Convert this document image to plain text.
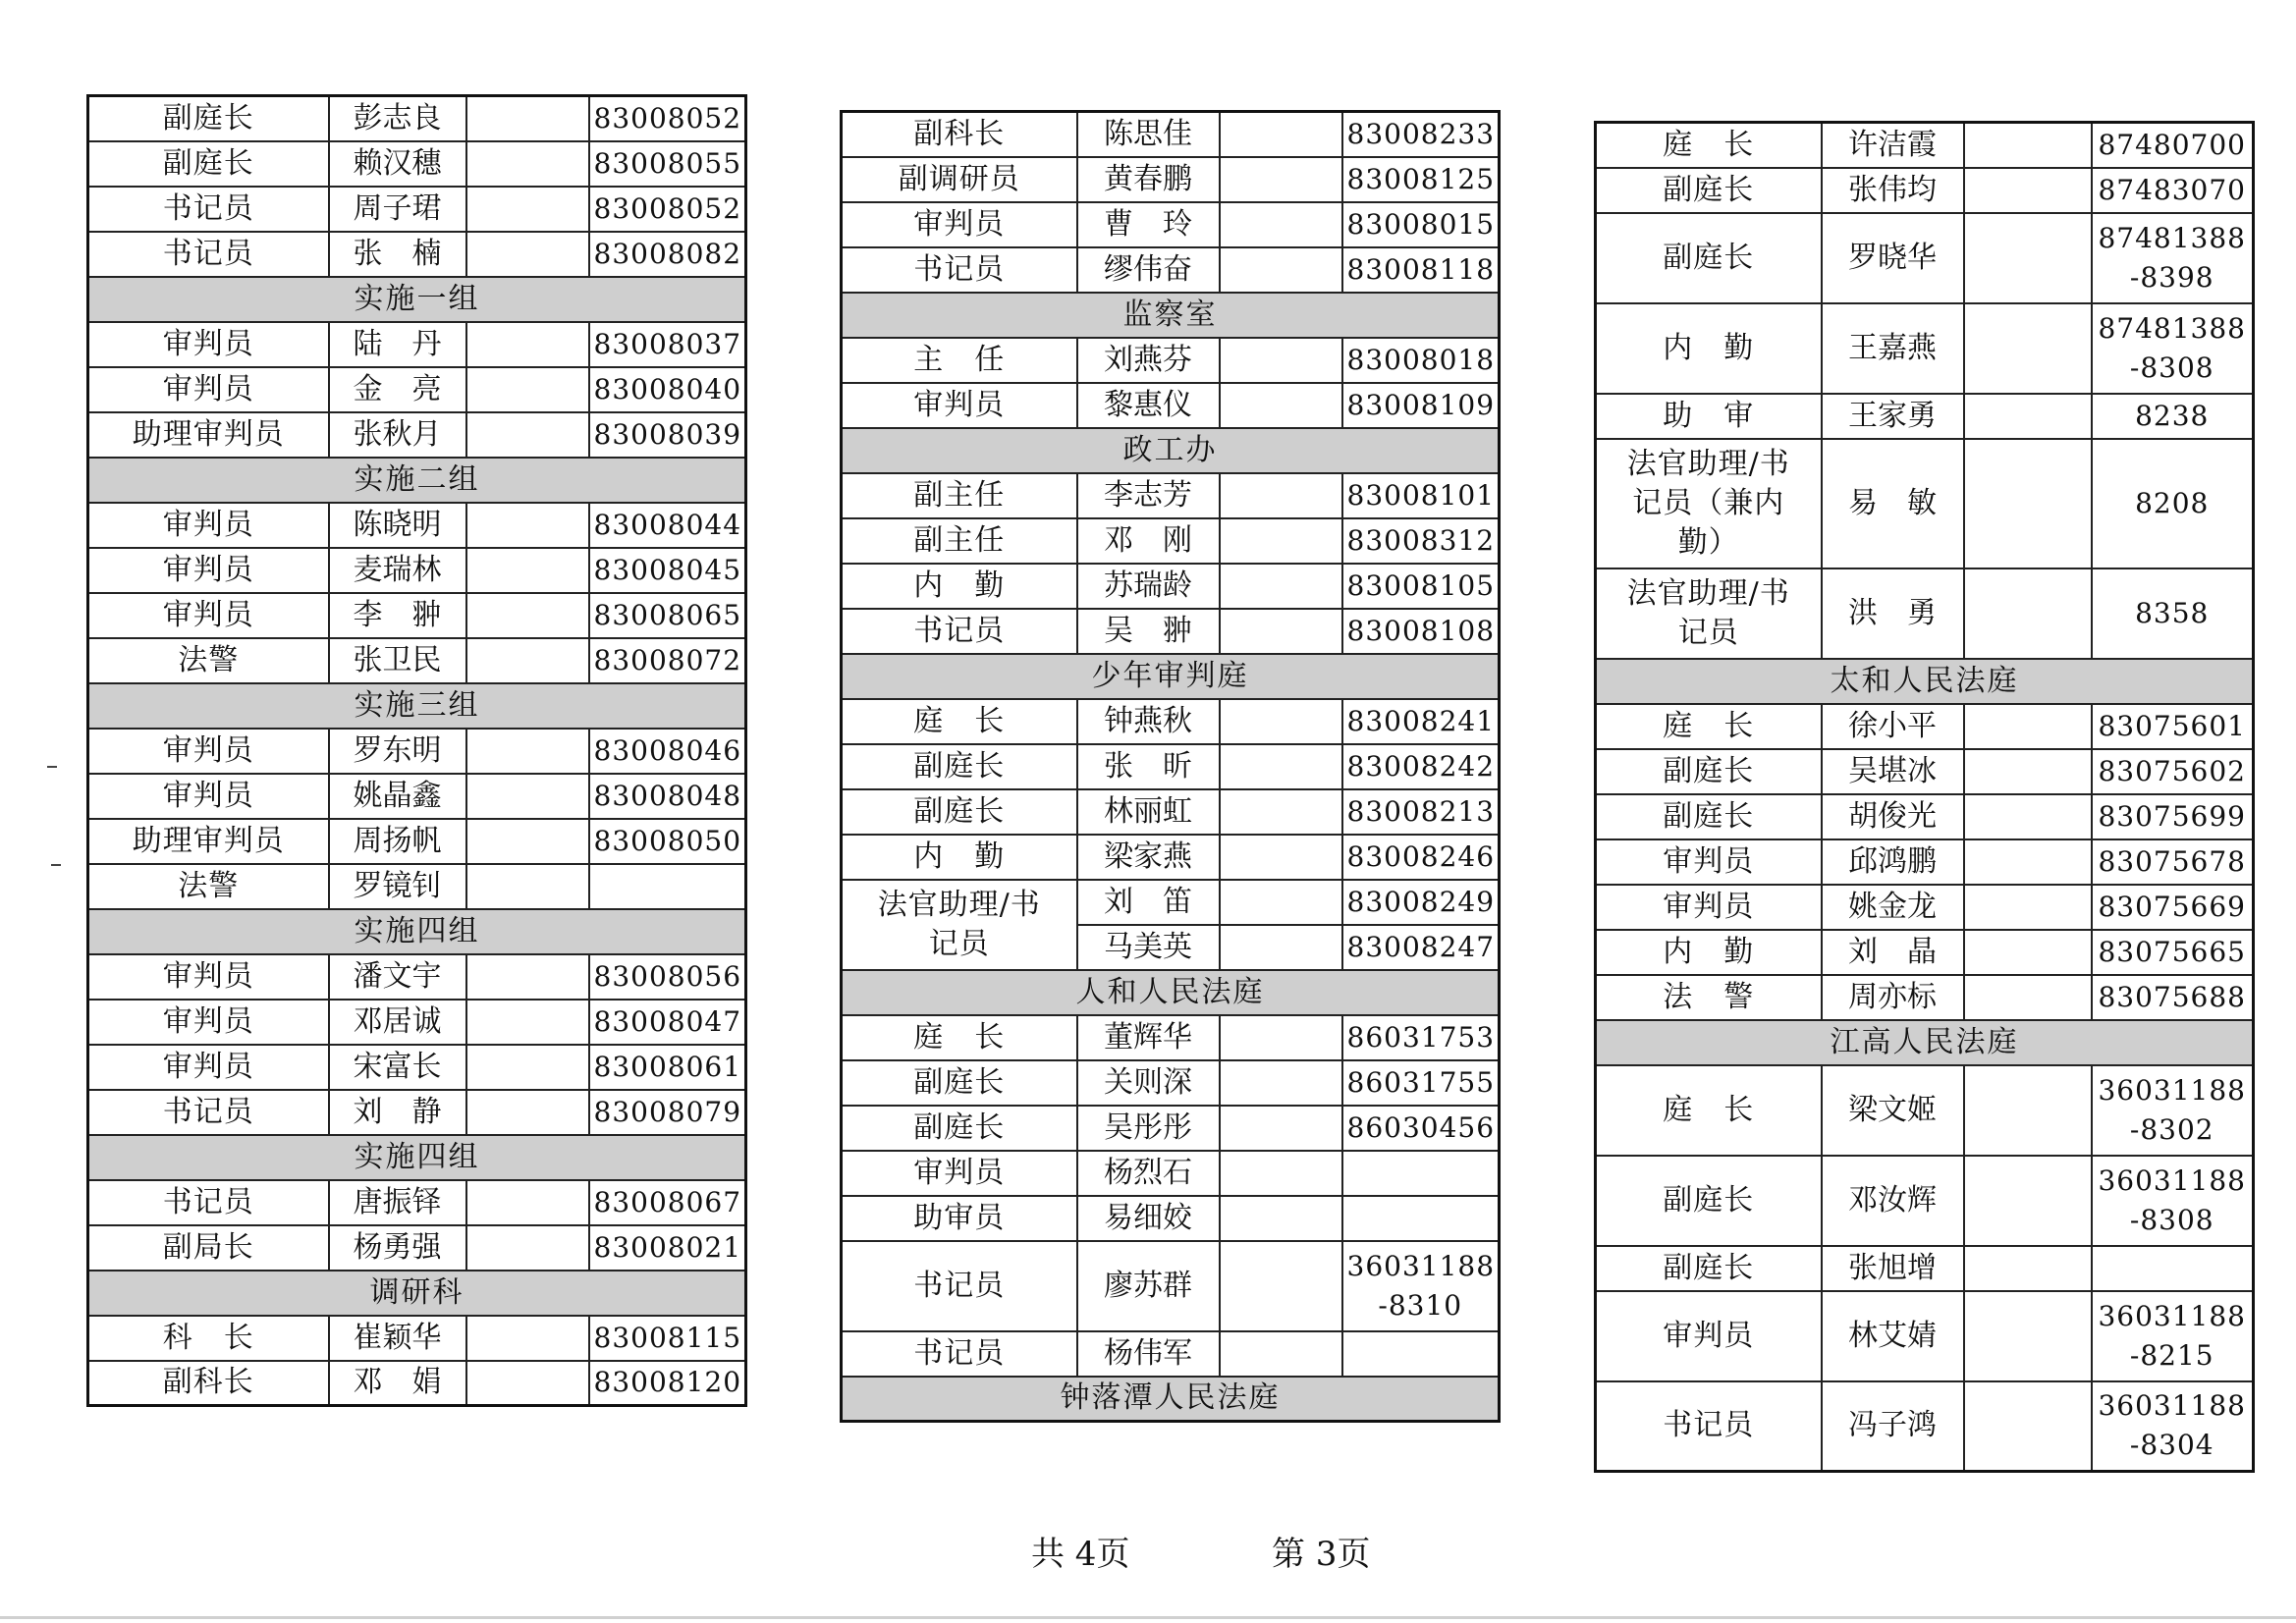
副庭长	彭志良		83008052
副庭长	赖汉穗		83008055
书记员	周子珺		83008052
书记员	张　楠		83008082
实施一组			
审判员	陆　丹		83008037
审判员	金　亮		83008040
助理审判员	张秋月		83008039
实施二组			
审判员	陈晓明		83008044
审判员	麦瑞林		83008045
审判员	李　翀		83008065
法警	张卫民		83008072
实施三组			
审判员	罗东明		83008046
审判员	姚晶鑫		83008048
助理审判员	周扬帆		83008050
法警	罗镜钊		
实施四组			
审判员	潘文宇		83008056
审判员	邓居诚		83008047
审判员	宋富长		83008061
书记员	刘　静		83008079
实施四组			
书记员	唐振铎		83008067
副局长	杨勇强		83008021
调研科			
科　长	崔颖华		83008115
副科长	邓　娟		83008120
副科长	陈思佳		83008233
副调研员	黄春鹏		83008125
审判员	曹　玲		83008015
书记员	缪伟奋		83008118
监察室			
主　任	刘燕芬		83008018
审判员	黎惠仪		83008109
政工办			
副主任	李志芳		83008101
副主任	邓　刚		83008312
内　勤	苏瑞龄		83008105
书记员	吴　翀		83008108
少年审判庭			
庭　长	钟燕秋		83008241
副庭长	张　昕		83008242
副庭长	林丽虹		83008213
内　勤	梁家燕		83008246
法官助理/书
记员	刘　笛		83008249
	马美英		83008247
人和人民法庭			
庭　长	董辉华		86031753
副庭长	关则深		86031755
副庭长	吴彤彤		86030456
审判员	杨烈石		
助审员	易细姣		
书记员	廖苏群		36031188
-8310
书记员	杨伟军		
钟落潭人民法庭			
庭　长	许洁霞		87480700
副庭长	张伟均		87483070
副庭长	罗晓华		87481388
-8398
内　勤	王嘉燕		87481388
-8308
助　审	王家勇		8238
法官助理/书
记员（兼内
勤）	易　敏		8208
法官助理/书
记员	洪　勇		8358
太和人民法庭			
庭　长	徐小平		83075601
副庭长	吴堪冰		83075602
副庭长	胡俊光		83075699
审判员	邱鸿鹏		83075678
审判员	姚金龙		83075669
内　勤	刘　晶		83075665
法　警	周亦标		83075688
江高人民法庭			
庭　长	梁文姬		36031188
-8302
副庭长	邓汝辉		36031188
-8308
副庭长	张旭增		
审判员	林艾婧		36031188
-8215
书记员	冯子鸿		36031188
-8304
共 4页	第 3页
